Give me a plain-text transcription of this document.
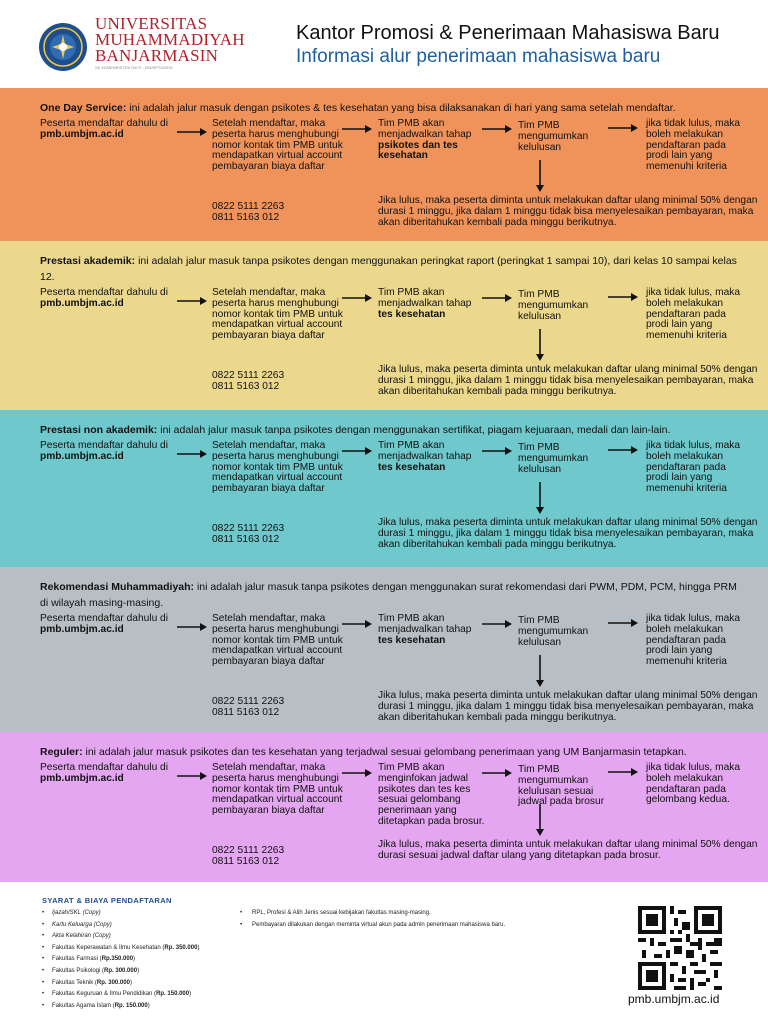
UNIVERSITAS
MUHAMMADIYAH
BANJARMASIN
SK KEMENRISTEK DIKTI : 204/KPT/I/2015
Kantor Promosi & Penerimaan Mahasiswa Baru
Informasi alur penerimaan mahasiswa baru
One Day Service: ini adalah jalur masuk dengan psikotes & tes kesehatan yang bisa dilaksanakan di hari yang sama setelah mendaftar.
Peserta mendaftar dahulu di pmb.umbjm.ac.id
Setelah mendaftar, maka peserta harus menghubungi nomor kontak tim PMB untuk mendapatkan virtual account pembayaran biaya daftar
Tim PMB akan menjadwalkan tahap psikotes dan tes kesehatan
Tim PMB mengumumkan kelulusan
jika tidak lulus, maka boleh melakukan pendaftaran pada prodi lain yang memenuhi kriteria
0822 5111 2263
0811 5163 012
Jika lulus, maka peserta diminta untuk melakukan daftar ulang minimal 50% dengan durasi 1 minggu, jika dalam 1 minggu tidak bisa menyelesaikan pembayaran, maka akan diberitahukan kembali pada minggu berikutnya.
Prestasi akademik: ini adalah jalur masuk tanpa psikotes dengan menggunakan peringkat raport (peringkat 1 sampai 10), dari kelas 10 sampai kelas 12.
Peserta mendaftar dahulu di pmb.umbjm.ac.id
Setelah mendaftar, maka peserta harus menghubungi nomor kontak tim PMB untuk mendapatkan virtual account pembayaran biaya daftar
Tim PMB akan menjadwalkan tahap tes kesehatan
Tim PMB mengumumkan kelulusan
jika tidak lulus, maka boleh melakukan pendaftaran pada prodi lain yang memenuhi kriteria
0822 5111 2263
0811 5163 012
Jika lulus, maka peserta diminta untuk melakukan daftar ulang minimal 50% dengan durasi 1 minggu, jika dalam 1 minggu tidak bisa menyelesaikan pembayaran, maka akan diberitahukan kembali pada minggu berikutnya.
Prestasi non akademik: ini adalah jalur masuk tanpa psikotes dengan menggunakan sertifikat, piagam kejuaraan, medali dan lain-lain.
Peserta mendaftar dahulu di pmb.umbjm.ac.id
Setelah mendaftar, maka peserta harus menghubungi nomor kontak tim PMB untuk mendapatkan virtual account pembayaran biaya daftar
Tim PMB akan menjadwalkan tahap tes kesehatan
Tim PMB mengumumkan kelulusan
jika tidak lulus, maka boleh melakukan pendaftaran pada prodi lain yang memenuhi kriteria
0822 5111 2263
0811 5163 012
Jika lulus, maka peserta diminta untuk melakukan daftar ulang minimal 50% dengan durasi 1 minggu, jika dalam 1 minggu tidak bisa menyelesaikan pembayaran, maka akan diberitahukan kembali pada minggu berikutnya.
Rekomendasi Muhammadiyah: ini adalah jalur masuk tanpa psikotes dengan menggunakan surat rekomendasi dari PWM, PDM, PCM, hingga PRM di wilayah masing-masing.
Peserta mendaftar dahulu di pmb.umbjm.ac.id
Setelah mendaftar, maka peserta harus menghubungi nomor kontak tim PMB untuk mendapatkan virtual account pembayaran biaya daftar
Tim PMB akan menjadwalkan tahap tes kesehatan
Tim PMB mengumumkan kelulusan
jika tidak lulus, maka boleh melakukan pendaftaran pada prodi lain yang memenuhi kriteria
0822 5111 2263
0811 5163 012
Jika lulus, maka peserta diminta untuk melakukan daftar ulang minimal 50% dengan durasi 1 minggu, jika dalam 1 minggu tidak bisa menyelesaikan pembayaran, maka akan diberitahukan kembali pada minggu berikutnya.
Reguler: ini adalah jalur masuk psikotes dan tes kesehatan yang terjadwal sesuai gelombang penerimaan yang UM Banjarmasin tetapkan.
Peserta mendaftar dahulu di pmb.umbjm.ac.id
Setelah mendaftar, maka peserta harus menghubungi nomor kontak tim PMB untuk mendapatkan virtual account pembayaran biaya daftar
Tim PMB akan menginfokan jadwal psikotes dan tes kes sesuai gelombang penerimaan yang ditetapkan pada brosur.
Tim PMB mengumumkan kelulusan sesuai jadwal pada brosur
jika tidak lulus, maka boleh melakukan pendaftaran pada gelombang kedua.
0822 5111 2263
0811 5163 012
Jika lulus, maka peserta diminta untuk melakukan daftar ulang minimal 50% dengan durasi sesuai jadwal daftar ulang yang ditetapkan pada brosur.
SYARAT & BIAYA PENDAFTARAN
• Ijazah/SKL (Copy)
• Kartu Keluarga (Copy)
• Akta Kelahiran (Copy)
• Fakultas Keperawatan & Ilmu Kesehatan (Rp. 350.000)
• Fakultas Farmasi (Rp.350.000)
• Fakultas Psikologi (Rp. 300.000)
• Fakultas Teknik (Rp. 300.000)
• Fakultas Keguruan & Ilmu Pendidikan (Rp. 150.000)
• Fakultas Agama Islam (Rp. 150.000)
• RPL, Profesi & Alih Jenis sesuai kebijakan fakultas masing-masing.
• Pembayaran dilakukan dengan meminta virtual akun pada admin penerimaan mahasiswa baru.
pmb.umbjm.ac.id
